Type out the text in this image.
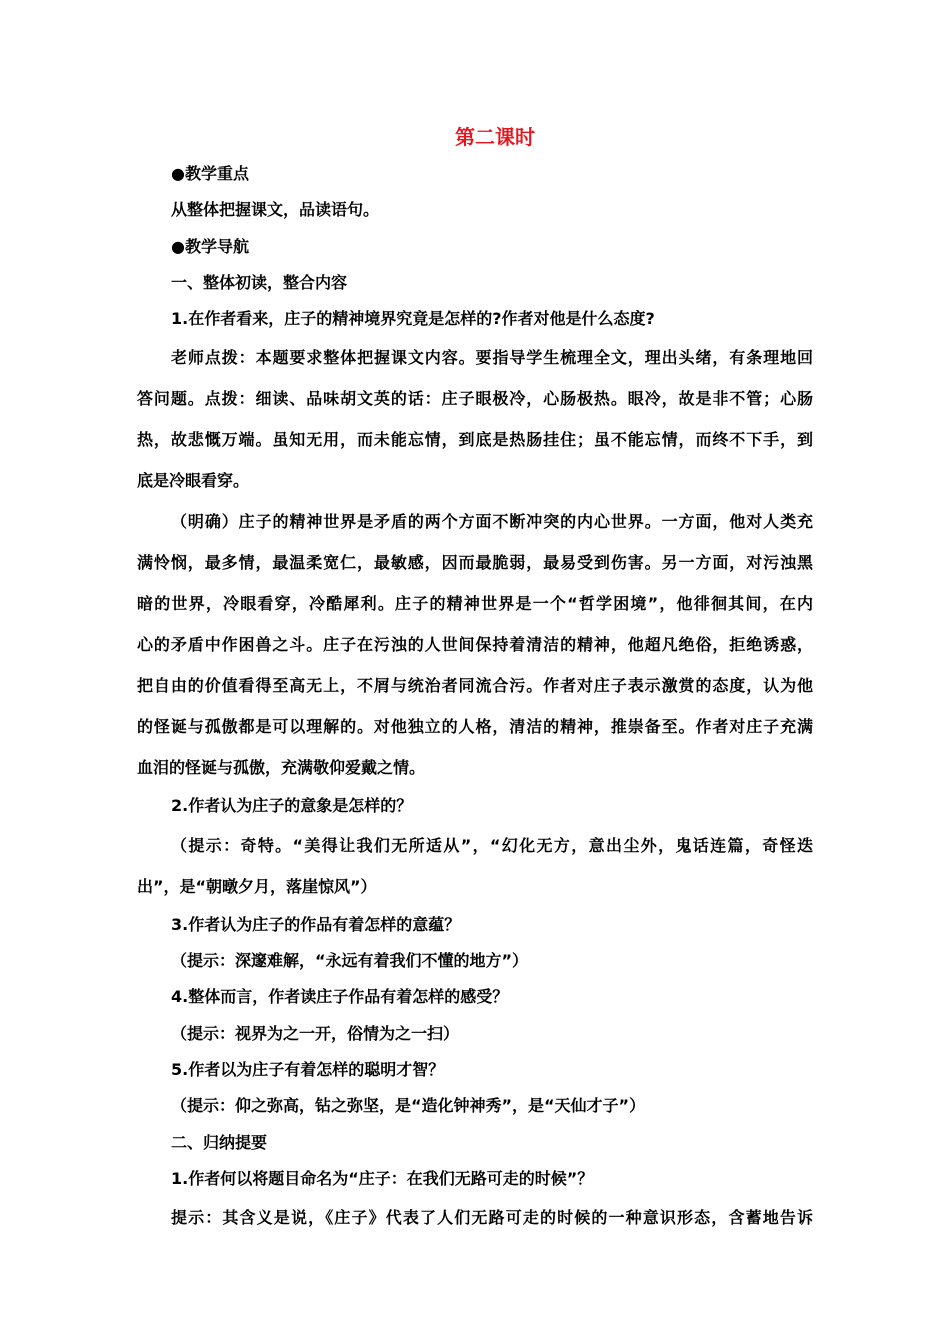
第二课时

●教学重点

从整体把握课文，品读语句。

●教学导航

一、整体初读，整合内容

1.在作者看来，庄子的精神境界究竟是怎样的?作者对他是什么态度?

老师点拨：本题要求整体把握课文内容。要指导学生梳理全文，理出头绪，有条理地回

答问题。点拨：细读、品味胡文英的话：庄子眼极冷，心肠极热。眼冷，故是非不管；心肠

热，故悲慨万端。虽知无用，而未能忘情，到底是热肠挂住；虽不能忘情，而终不下手，到

底是冷眼看穿。

（明确）庄子的精神世界是矛盾的两个方面不断冲突的内心世界。一方面，他对人类充

满怜悯，最多情，最温柔宽仁，最敏感，因而最脆弱，最易受到伤害。另一方面，对污浊黑

暗的世界，冷眼看穿，冷酷犀利。庄子的精神世界是一个“哲学困境”，他徘徊其间，在内

心的矛盾中作困兽之斗。庄子在污浊的人世间保持着清洁的精神，他超凡绝俗，拒绝诱惑，

把自由的价值看得至高无上，不屑与统治者同流合污。作者对庄子表示激赏的态度，认为他

的怪诞与孤傲都是可以理解的。对他独立的人格，清洁的精神，推崇备至。作者对庄子充满

血泪的怪诞与孤傲，充满敬仰爱戴之情。

2.作者认为庄子的意象是怎样的？

（提示：奇特。“美得让我们无所适从”，“幻化无方，意出尘外，鬼话连篇，奇怪迭

出”，是“朝暾夕月，落崖惊风”）

3.作者认为庄子的作品有着怎样的意蕴？

（提示：深邃难解，“永远有着我们不懂的地方”）

4.整体而言，作者读庄子作品有着怎样的感受？

（提示：视界为之一开，俗情为之一扫）

5.作者以为庄子有着怎样的聪明才智？

（提示：仰之弥高，钻之弥坚，是“造化钟神秀”，是“天仙才子”）

二、归纳提要

1.作者何以将题目命名为“庄子：在我们无路可走的时候”？

提示：其含义是说，《庄子》代表了人们无路可走的时候的一种意识形态，含蓄地告诉
